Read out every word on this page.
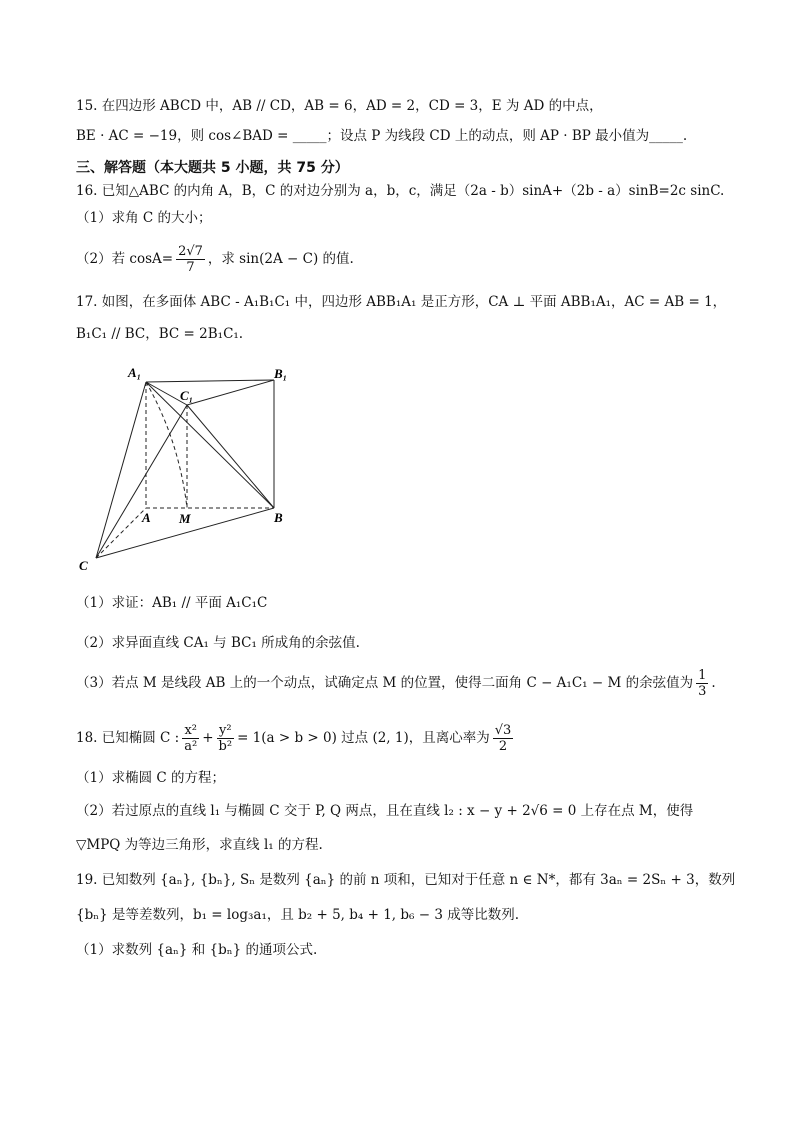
15. 在四边形 ABCD 中，AB // CD，AB = 6，AD = 2，CD = 3，E 为 AD 的中点，
BE · AC = −19，则 cos∠BAD = _____；设点 P 为线段 CD 上的动点，则 AP · BP 最小值为_____.
三、解答题（本大题共 5 小题，共 75 分）
16. 已知△ABC 的内角 A，B，C 的对边分别为 a，b，c，满足（2a - b）sinA+（2b - a）sinB=2c sinC.
（1）求角 C 的大小；
（2）若 $\cos A= \frac{2√7}{7}$ ，求 sin(2A − C) 的值.
17. 如图，在多面体 ABC - A₁B₁C₁ 中，四边形 ABB₁A₁ 是正方形，CA ⊥ 平面 ABB₁A₁，AC = AB = 1，
B₁C₁ // BC，BC = 2B₁C₁.
A₁	B₁
C₁
A M	B
C
（1）求证：AB₁ // 平面 A₁C₁C
（2）求异面直线 CA₁ 与 BC₁ 所成角的余弦值.
（3）若点 M 是线段 AB 上的一个动点，试确定点 M 的位置，使得二面角 C − A₁C₁ − M 的余弦值为 $\frac{1}{3}$ .
18. 已知椭圆 C : $\frac{\text{x²}}{\text{a²}} + \frac{\text{y²}}{\text{b²}} = 1(a > b > 0)$ 过点 (2, 1)，且离心率为 $\frac{√3}{2}$
（1）求椭圆 C 的方程；
（2）若过原点的直线 l₁ 与椭圆 C 交于 P, Q 两点，且在直线 l₂ : x − y + 2√6 = 0 上存在点 M，使得
▽MPQ 为等边三角形，求直线 l₁ 的方程.
19. 已知数列 {aₙ}, {bₙ}, Sₙ 是数列 {aₙ} 的前 n 项和，已知对于任意 n ∈ N*，都有 3aₙ = 2Sₙ + 3，数列
{bₙ} 是等差数列，b₁ = log₃a₁，且 b₂ + 5, b₄ + 1, b₆ − 3 成等比数列.
（1）求数列 {aₙ} 和 {bₙ} 的通项公式.
